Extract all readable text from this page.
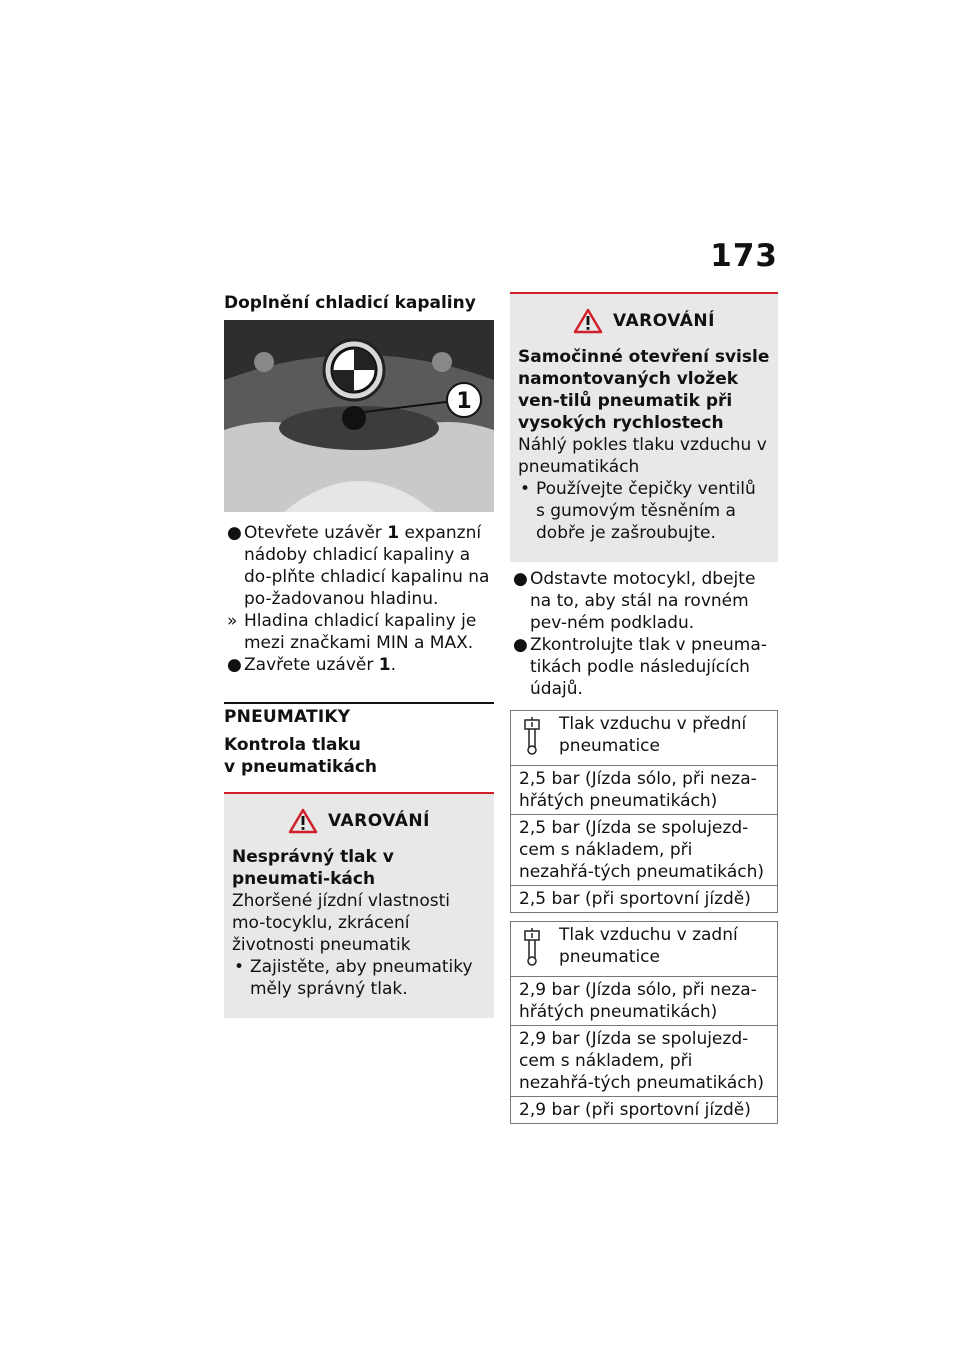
173
Doplnění chladicí kapaliny
1
● Otevřete uzávěr 1 expanzní nádoby chladicí kapaliny a do-plňte chladicí kapalinu na po-žadovanou hladinu.
» Hladina chladicí kapaliny je mezi značkami MIN a MAX.
● Zavřete uzávěr 1.
PNEUMATIKY
Kontrola tlaku
v pneumatikách
VAROVÁNÍ
Nesprávný tlak v pneumati-kách
Zhoršené jízdní vlastnosti mo-tocyklu, zkrácení životnosti pneumatik
• Zajistěte, aby pneumatiky měly správný tlak.
VAROVÁNÍ
Samočinné otevření svisle namontovaných vložek ven-tilů pneumatik při vysokých rychlostech
Náhlý pokles tlaku vzduchu v pneumatikách
• Používejte čepičky ventilů s gumovým těsněním a dobře je zašroubujte.
● Odstavte motocykl, dbejte na to, aby stál na rovném pev-ném podkladu.
● Zkontrolujte tlak v pneuma-tikách podle následujících údajů.
Tlak vzduchu v přední pneumatice

2,5 bar (Jízda sólo, při neza-hřátých pneumatikách)
2,5 bar (Jízda se spolujezd-cem s nákladem, při nezahřá-tých pneumatikách)
2,5 bar (při sportovní jízdě)
Tlak vzduchu v zadní pneumatice

2,9 bar (Jízda sólo, při neza-hřátých pneumatikách)
2,9 bar (Jízda se spolujezd-cem s nákladem, při nezahřá-tých pneumatikách)
2,9 bar (při sportovní jízdě)
